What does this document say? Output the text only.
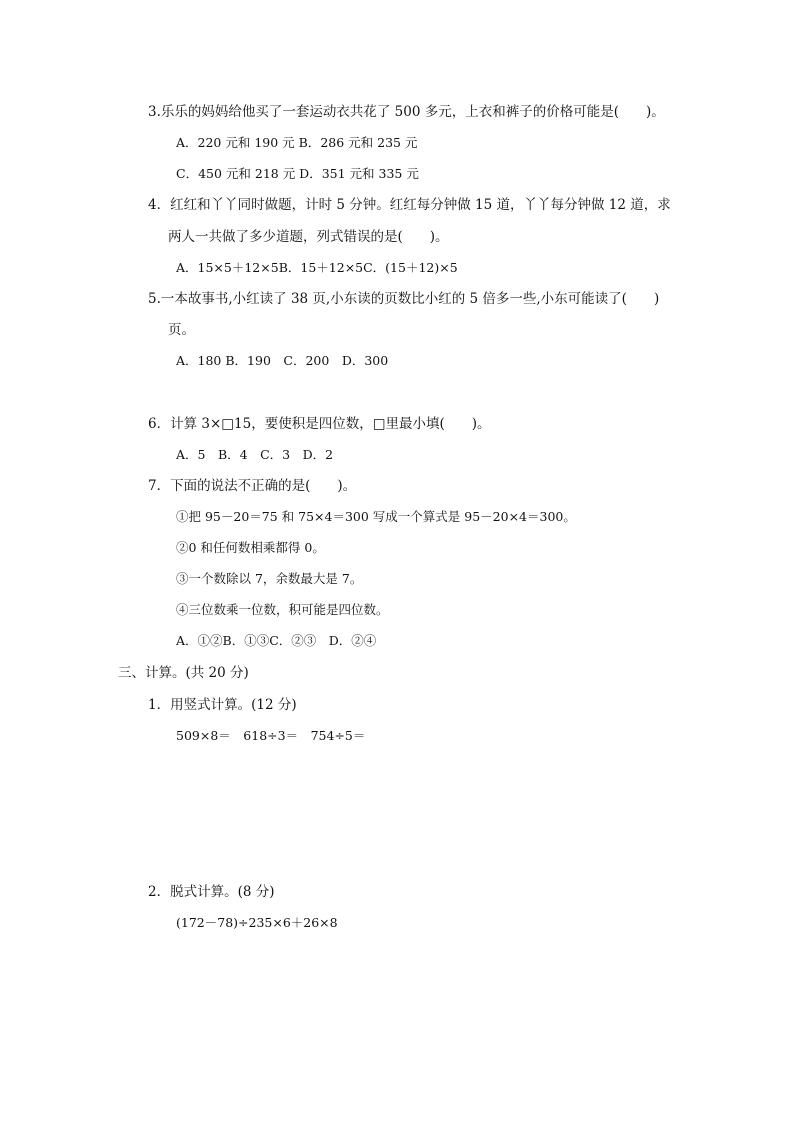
3.乐乐的妈妈给他买了一套运动衣共花了 500 多元，上衣和裤子的价格可能是(　　)。
A．220 元和 190 元 B．286 元和 235 元
C．450 元和 218 元 D．351 元和 335 元
4．红红和丫丫同时做题，计时 5 分钟。红红每分钟做 15 道，丫丫每分钟做 12 道，求
两人一共做了多少道题，列式错误的是(　　)。
A．15×5＋12×5B．15＋12×5C．(15＋12)×5
5.一本故事书,小红读了 38 页,小东读的页数比小红的 5 倍多一些,小东可能读了(　　)
页。
A．180 B．190　C．200　D．300
6．计算 3×□15，要使积是四位数，□里最小填(　　)。
A．5　B．4　C．3　D．2
7．下面的说法不正确的是(　　)。
①把 95－20＝75 和 75×4＝300 写成一个算式是 95－20×4＝300。
②0 和任何数相乘都得 0。
③一个数除以 7，余数最大是 7。
④三位数乘一位数，积可能是四位数。
A．①②B．①③C．②③　D．②④
三、计算。(共 20 分)
1．用竖式计算。(12 分)
509×8＝　618÷3＝　754÷5＝
2．脱式计算。(8 分)
(172－78)÷235×6＋26×8
